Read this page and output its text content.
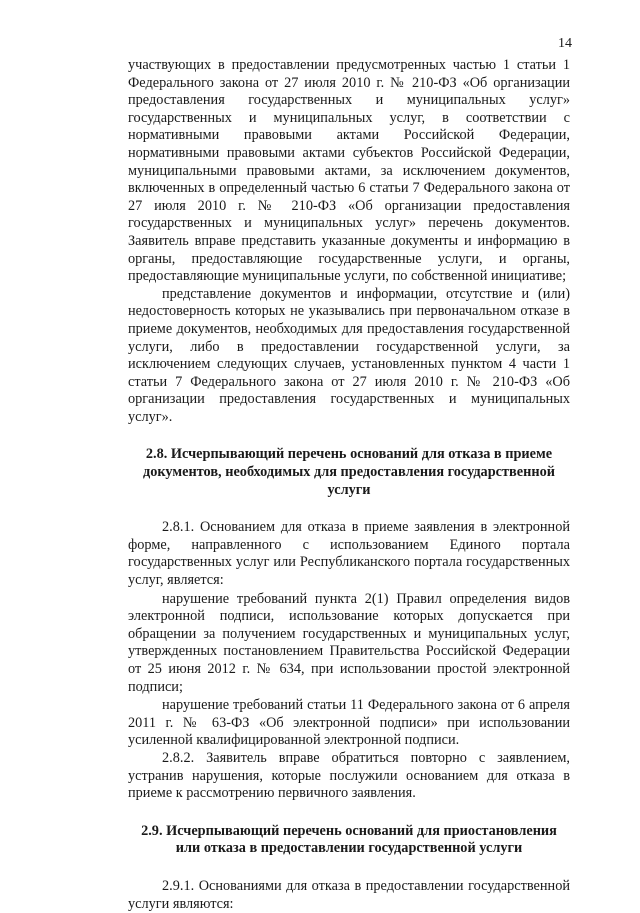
14

участвующих в предоставлении предусмотренных частью 1 статьи 1 Федерального закона от 27 июля 2010 г. № 210-ФЗ «Об организации предоставления государственных и муниципальных услуг» государственных и муниципальных услуг, в соответствии с нормативными правовыми актами Российской Федерации, нормативными правовыми актами субъектов Российской Федерации, муниципальными правовыми актами, за исключением документов, включенных в определенный частью 6 статьи 7 Федерального закона от 27 июля 2010 г. № 210-ФЗ «Об организации предоставления государственных и муниципальных услуг» перечень документов. Заявитель вправе представить указанные документы и информацию в органы, предоставляющие государственные услуги, и органы, предоставляющие муниципальные услуги, по собственной инициативе;

представление документов и информации, отсутствие и (или) недостоверность которых не указывались при первоначальном отказе в приеме документов, необходимых для предоставления государственной услуги, либо в предоставлении государственной услуги, за исключением следующих случаев, установленных пунктом 4 части 1 статьи 7 Федерального закона от 27 июля 2010 г. № 210-ФЗ «Об организации предоставления государственных и муниципальных услуг».

2.8. Исчерпывающий перечень оснований для отказа в приеме документов, необходимых для предоставления государственной услуги

2.8.1. Основанием для отказа в приеме заявления в электронной форме, направленного с использованием Единого портала государственных услуг или Республиканского портала государственных услуг, является:

нарушение требований пункта 2(1) Правил определения видов электронной подписи, использование которых допускается при обращении за получением государственных и муниципальных услуг, утвержденных постановлением Правительства Российской Федерации от 25 июня 2012 г. № 634, при использовании простой электронной подписи;

нарушение требований статьи 11 Федерального закона от 6 апреля 2011 г. № 63-ФЗ «Об электронной подписи» при использовании усиленной квалифицированной электронной подписи.

2.8.2. Заявитель вправе обратиться повторно с заявлением, устранив нарушения, которые послужили основанием для отказа в приеме к рассмотрению первичного заявления.

2.9. Исчерпывающий перечень оснований для приостановления или отказа в предоставлении государственной услуги

2.9.1. Основаниями для отказа в предоставлении государственной услуги являются:
